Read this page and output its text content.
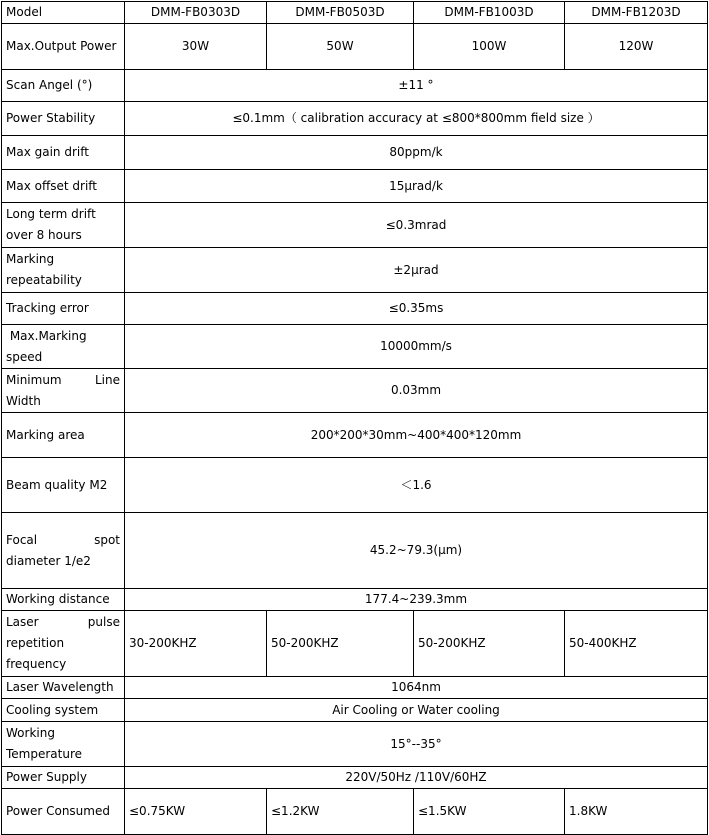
Model	DMM-FB0303D	DMM-FB0503D	DMM-FB1003D	DMM-FB1203D
Max.Output Power	30W	50W	100W	120W
Scan Angel (°)	±11 °			
Power Stability	≤0.1mm（ calibration accuracy at ≤800*800mm field size ）			
Max gain drift	80ppm/k			
Max offset drift	15μrad/k			
Long term drift over 8 hours	≤0.3mrad			
Marking repeatability	±2μrad			
Tracking error	≤0.35ms			
Max.Marking speed	10000mm/s			
Minimum Line Width	0.03mm			
Marking area	200*200*30mm~400*400*120mm			
Beam quality M2	＜1.6			
Focal spot diameter 1/e2	45.2~79.3(μm)			
Working distance	177.4~239.3mm			
Laser pulse repetition frequency	30-200KHZ	50-200KHZ	50-200KHZ	50-400KHZ
Laser Wavelength	1064nm			
Cooling system	Air Cooling or Water cooling			
Working Temperature	15°--35°			
Power Supply	220V/50Hz /110V/60HZ			
Power Consumed	≤0.75KW	≤1.2KW	≤1.5KW	1.8KW
